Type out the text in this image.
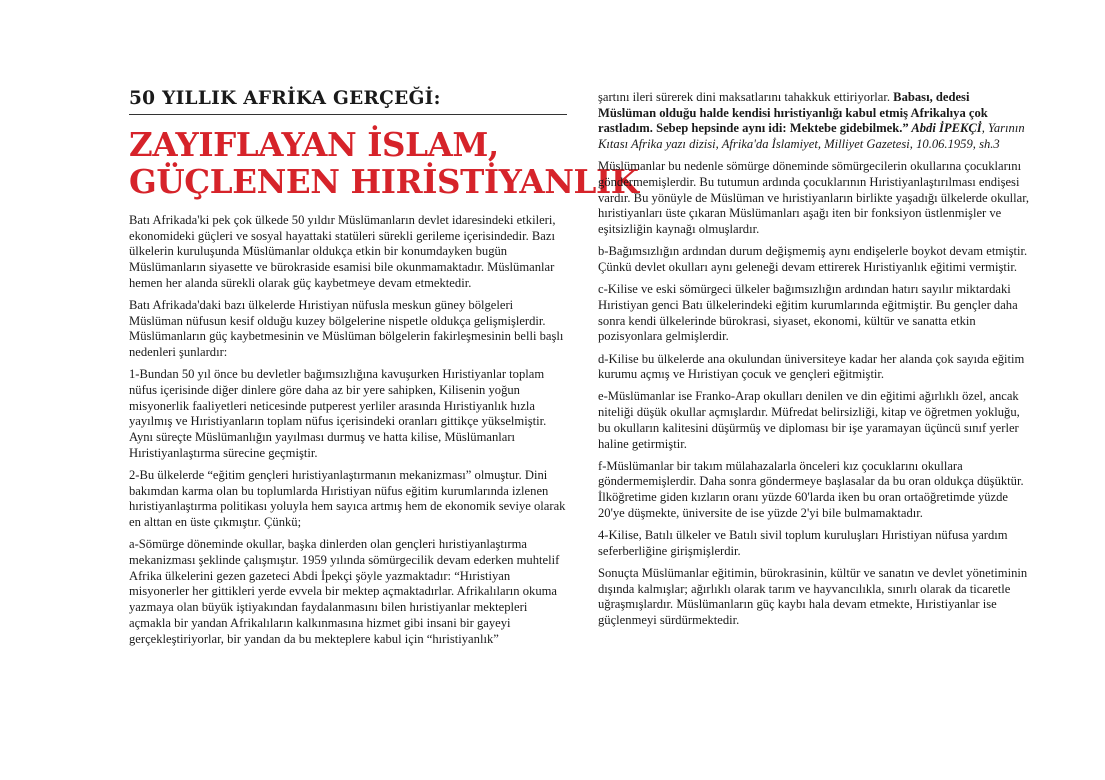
50 YILLIK AFRİKA GERÇEĞİ:
ZAYIFLAYAN İSLAM,
GÜÇLENEN HIRİSTİYANLIK

Batı Afrikada'ki pek çok ülkede 50 yıldır Müslümanların devlet idaresindeki etkileri, ekonomideki güçleri ve sosyal hayattaki statüleri sürekli gerileme içerisindedir. Bazı ülkelerin kuruluşunda Müslümanlar oldukça etkin bir konumdayken bugün Müslümanların siyasette ve bürokraside esamisi bile okunmamaktadır. Müslümanlar hemen her alanda sürekli olarak güç kaybetmeye devam etmektedir.

Batı Afrikada'daki bazı ülkelerde Hıristiyan nüfusla meskun güney bölgeleri Müslüman nüfusun kesif olduğu kuzey bölgelerine nispetle oldukça gelişmişlerdir. Müslümanların güç kaybetmesinin ve Müslüman bölgelerin fakirleşmesinin belli başlı nedenleri şunlardır:

1-Bundan 50 yıl önce bu devletler bağımsızlığına kavuşurken Hıristiyanlar toplam nüfus içerisinde diğer dinlere göre daha az bir yere sahipken, Kilisenin yoğun misyonerlik faaliyetleri neticesinde putperest yerliler arasında Hıristiyanlık hızla yayılmış ve Hıristiyanların toplam nüfus içerisindeki oranları gittikçe yükselmiştir. Aynı süreçte Müslümanlığın yayılması durmuş ve hatta kilise, Müslümanları Hıristiyanlaştırma sürecine geçmiştir.

2-Bu ülkelerde “eğitim gençleri hıristiyanlaştırmanın mekanizması” olmuştur. Dini bakımdan karma olan bu toplumlarda Hıristiyan nüfus eğitim kurumlarında izlenen hıristiyanlaştırma politikası yoluyla hem sayıca artmış hem de ekonomik seviye olarak en alttan en üste çıkmıştır. Çünkü;

a-Sömürge döneminde okullar, başka dinlerden olan gençleri hıristiyanlaştırma mekanizması şeklinde çalışmıştır. 1959 yılında sömürgecilik devam ederken muhtelif Afrika ülkelerini gezen gazeteci Abdi İpekçi şöyle yazmaktadır: “Hıristiyan misyonerler her gittikleri yerde evvela bir mektep açmaktadırlar. Afrikalıların okuma yazmaya olan büyük iştiyakından faydalanmasını bilen hıristiyanlar mektepleri açmakla bir yandan Afrikalıların kalkınmasına hizmet gibi insani bir gayeyi gerçekleştiriyorlar, bir yandan da bu mekteplere kabul için “hıristiyanlık”

şartını ileri sürerek dini maksatlarını tahakkuk ettiriyorlar. Babası, dedesi Müslüman olduğu halde kendisi hıristiyanlığı kabul etmiş Afrikalıya çok rastladım. Sebep hepsinde aynı idi: Mektebe gidebilmek.” Abdi İPEKÇİ, Yarının Kıtası Afrika yazı dizisi, Afrika'da İslamiyet, Milliyet Gazetesi, 10.06.1959, sh.3

Müslümanlar bu nedenle sömürge döneminde sömürgecilerin okullarına çocuklarını göndermemişlerdir. Bu tutumun ardında çocuklarının Hıristiyanlaştırılması endişesi vardır. Bu yönüyle de Müslüman ve hıristiyanların birlikte yaşadığı ülkelerde okullar, hıristiyanları üste çıkaran Müslümanları aşağı iten bir fonksiyon üstlenmişler ve eşitsizliğin kaynağı olmuşlardır.

b-Bağımsızlığın ardından durum değişmemiş aynı endişelerle boykot devam etmiştir. Çünkü devlet okulları aynı geleneği devam ettirerek Hıristiyanlık eğitimi vermiştir.

c-Kilise ve eski sömürgeci ülkeler bağımsızlığın ardından hatırı sayılır miktardaki Hıristiyan genci Batı ülkelerindeki eğitim kurumlarında eğitmiştir. Bu gençler daha sonra kendi ülkelerinde bürokrasi, siyaset, ekonomi, kültür ve sanatta etkin pozisyonlara gelmişlerdir.

d-Kilise bu ülkelerde ana okulundan üniversiteye kadar her alanda çok sayıda eğitim kurumu açmış ve Hıristiyan çocuk ve gençleri eğitmiştir.

e-Müslümanlar ise Franko-Arap okulları denilen ve din eğitimi ağırlıklı özel, ancak niteliği düşük okullar açmışlardır. Müfredat belirsizliği, kitap ve öğretmen yokluğu, bu okulların kalitesini düşürmüş ve diploması bir işe yaramayan üçüncü sınıf yerler haline getirmiştir.

f-Müslümanlar bir takım mülahazalarla önceleri kız çocuklarını okullara göndermemişlerdir. Daha sonra göndermeye başlasalar da bu oran oldukça düşüktür. İlköğretime giden kızların oranı yüzde 60'larda iken bu oran ortaöğretimde yüzde 20'ye düşmekte, üniversite de ise yüzde 2'yi bile bulmamaktadır.

4-Kilise, Batılı ülkeler ve Batılı sivil toplum kuruluşları Hıristiyan nüfusa yardım seferberliğine girişmişlerdir.

Sonuçta Müslümanlar eğitimin, bürokrasinin, kültür ve sanatın ve devlet yönetiminin dışında kalmışlar; ağırlıklı olarak tarım ve hayvancılıkla, sınırlı olarak da ticaretle uğraşmışlardır. Müslümanların güç kaybı hala devam etmekte, Hıristiyanlar ise güçlenmeyi sürdürmektedir.
